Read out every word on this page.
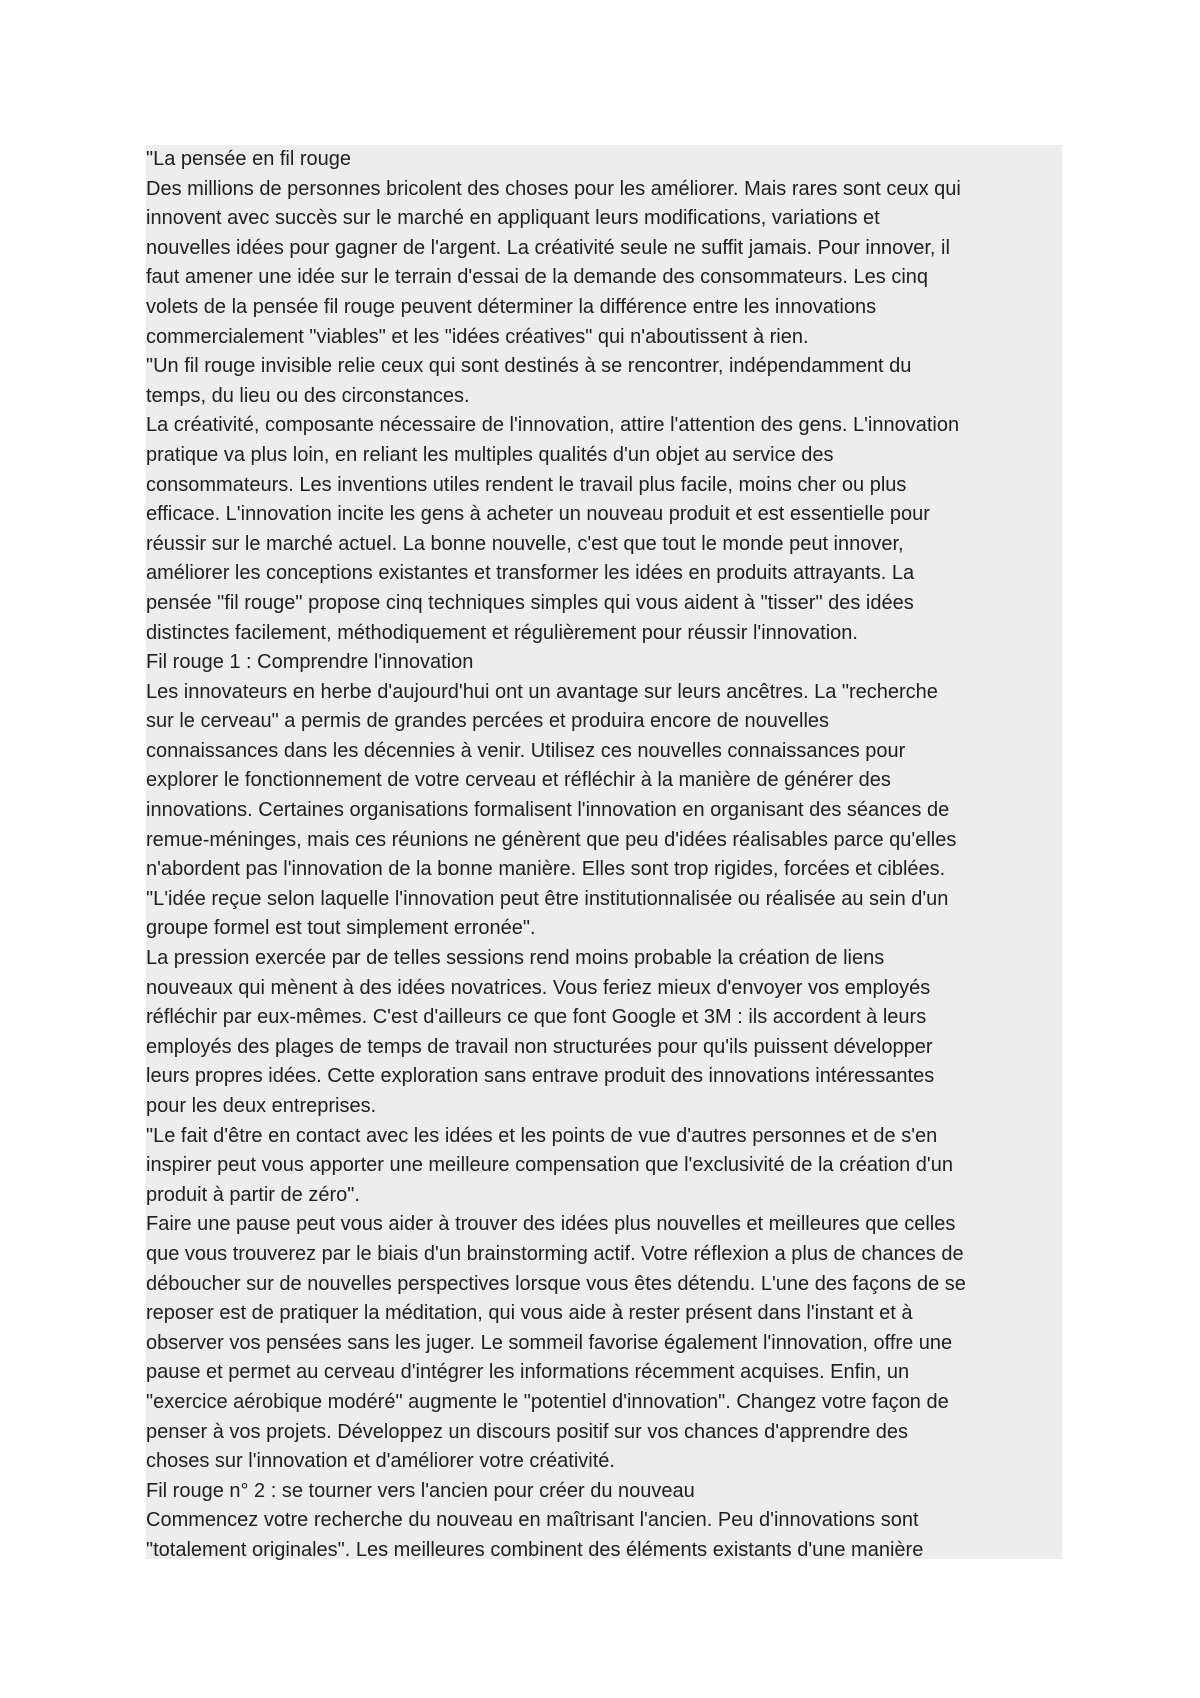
"La pensée en fil rouge

Des millions de personnes bricolent des choses pour les améliorer. Mais rares sont ceux qui

innovent avec succès sur le marché en appliquant leurs modifications, variations et

nouvelles idées pour gagner de l'argent. La créativité seule ne suffit jamais. Pour innover, il

faut amener une idée sur le terrain d'essai de la demande des consommateurs. Les cinq

volets de la pensée fil rouge peuvent déterminer la différence entre les innovations

commercialement "viables" et les "idées créatives" qui n'aboutissent à rien.

"Un fil rouge invisible relie ceux qui sont destinés à se rencontrer, indépendamment du

temps, du lieu ou des circonstances.

La créativité, composante nécessaire de l'innovation, attire l'attention des gens. L'innovation

pratique va plus loin, en reliant les multiples qualités d'un objet au service des

consommateurs. Les inventions utiles rendent le travail plus facile, moins cher ou plus

efficace. L'innovation incite les gens à acheter un nouveau produit et est essentielle pour

réussir sur le marché actuel. La bonne nouvelle, c'est que tout le monde peut innover,

améliorer les conceptions existantes et transformer les idées en produits attrayants. La

pensée "fil rouge" propose cinq techniques simples qui vous aident à "tisser" des idées

distinctes facilement, méthodiquement et régulièrement pour réussir l'innovation.

Fil rouge 1 : Comprendre l'innovation

Les innovateurs en herbe d'aujourd'hui ont un avantage sur leurs ancêtres. La "recherche

sur le cerveau" a permis de grandes percées et produira encore de nouvelles

connaissances dans les décennies à venir. Utilisez ces nouvelles connaissances pour

explorer le fonctionnement de votre cerveau et réfléchir à la manière de générer des

innovations. Certaines organisations formalisent l'innovation en organisant des séances de

remue-méninges, mais ces réunions ne génèrent que peu d'idées réalisables parce qu'elles

n'abordent pas l'innovation de la bonne manière. Elles sont trop rigides, forcées et ciblées.

"L'idée reçue selon laquelle l'innovation peut être institutionnalisée ou réalisée au sein d'un

groupe formel est tout simplement erronée".

La pression exercée par de telles sessions rend moins probable la création de liens

nouveaux qui mènent à des idées novatrices. Vous feriez mieux d'envoyer vos employés

réfléchir par eux-mêmes. C'est d'ailleurs ce que font Google et 3M : ils accordent à leurs

employés des plages de temps de travail non structurées pour qu'ils puissent développer

leurs propres idées. Cette exploration sans entrave produit des innovations intéressantes

pour les deux entreprises.

"Le fait d'être en contact avec les idées et les points de vue d'autres personnes et de s'en

inspirer peut vous apporter une meilleure compensation que l'exclusivité de la création d'un

produit à partir de zéro".

Faire une pause peut vous aider à trouver des idées plus nouvelles et meilleures que celles

que vous trouverez par le biais d'un brainstorming actif. Votre réflexion a plus de chances de

déboucher sur de nouvelles perspectives lorsque vous êtes détendu. L'une des façons de se

reposer est de pratiquer la méditation, qui vous aide à rester présent dans l'instant et à

observer vos pensées sans les juger. Le sommeil favorise également l'innovation, offre une

pause et permet au cerveau d'intégrer les informations récemment acquises. Enfin, un

"exercice aérobique modéré" augmente le "potentiel d'innovation". Changez votre façon de

penser à vos projets. Développez un discours positif sur vos chances d'apprendre des

choses sur l'innovation et d'améliorer votre créativité.

Fil rouge n° 2 : se tourner vers l'ancien pour créer du nouveau

Commencez votre recherche du nouveau en maîtrisant l'ancien. Peu d'innovations sont

"totalement originales". Les meilleures combinent des éléments existants d'une manière
